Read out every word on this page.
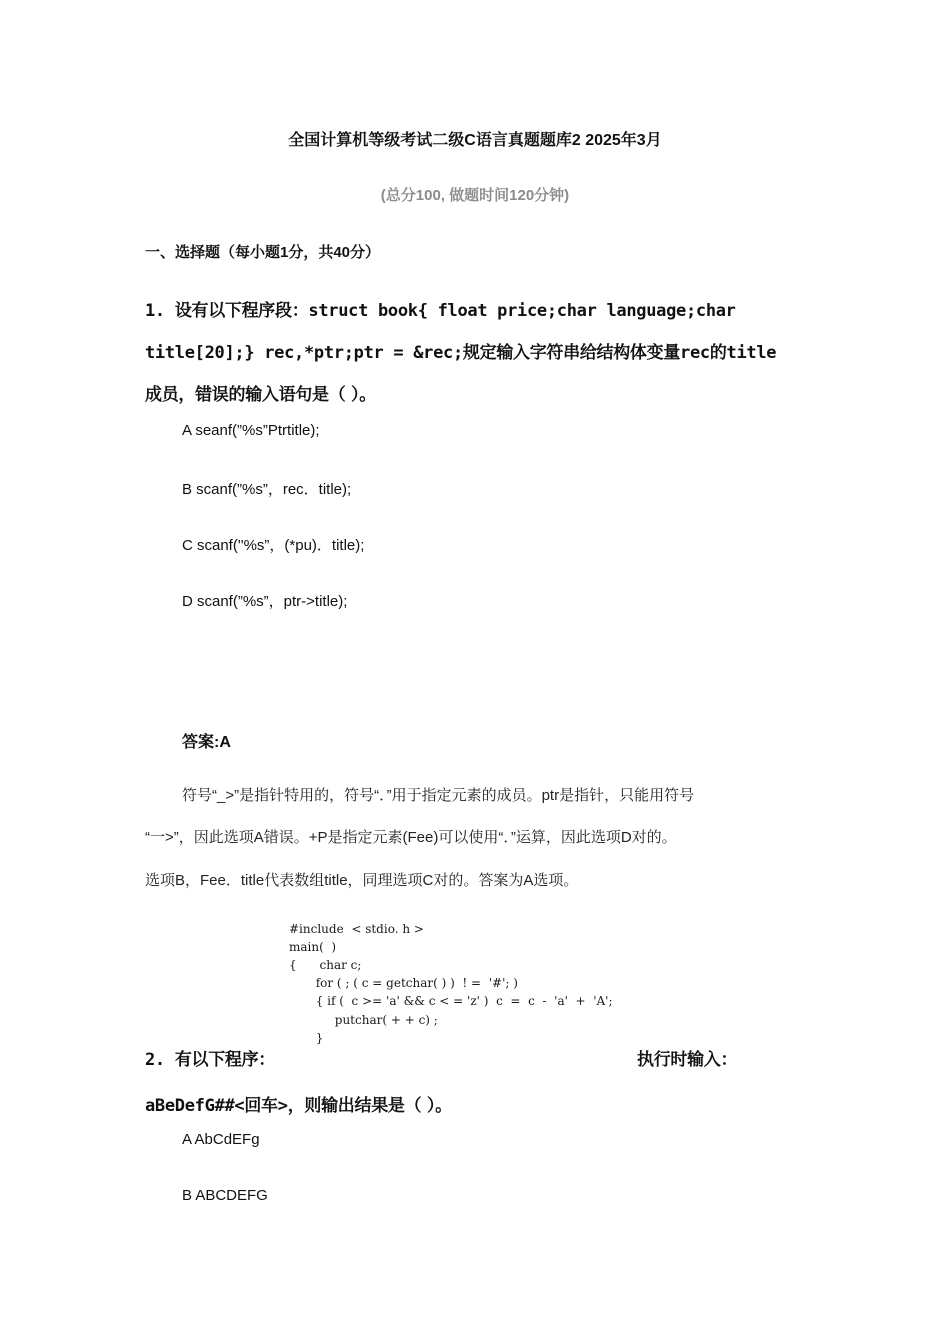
全国计算机等级考试二级C语言真题题库2 2025年3月
(总分100, 做题时间120分钟)
一、选择题（每小题1分，共40分）
1. 设有以下程序段：struct book{ float price;char language;char
title[20];} rec,*ptr;ptr = &rec;规定输入字符串给结构体变量rec的title
成员，错误的输入语句是（ ）。
A seanf(”%s”Ptrtitle);
B scanf(”%s”，rec．title);
C scanf(''%s”，(*pu)．title);
D scanf(”%s”，ptr->title);
答案:A
符号“_>”是指针特用的，符号“．”用于指定元素的成员。ptr是指针，只能用符号
“一>”，因此选项A错误。+P是指定元素(Fee)可以使用“．”运算，因此选项D对的。
选项B，Fee．title代表数组title，同理选项C对的。答案为A选项。
#include  < stdio. h >
main(  )
{      char c;
for ( ; ( c = getchar( ) )  ! =  '#'; )
{ if (  c >= 'a' && c < = 'z' )  c  =  c  -  'a'  +  'A';
putchar( + + c) ;
}
2. 有以下程序：	执行时输入：
aBeDefG##<回车>，则输出结果是（ ）。
A AbCdEFg
B ABCDEFG
